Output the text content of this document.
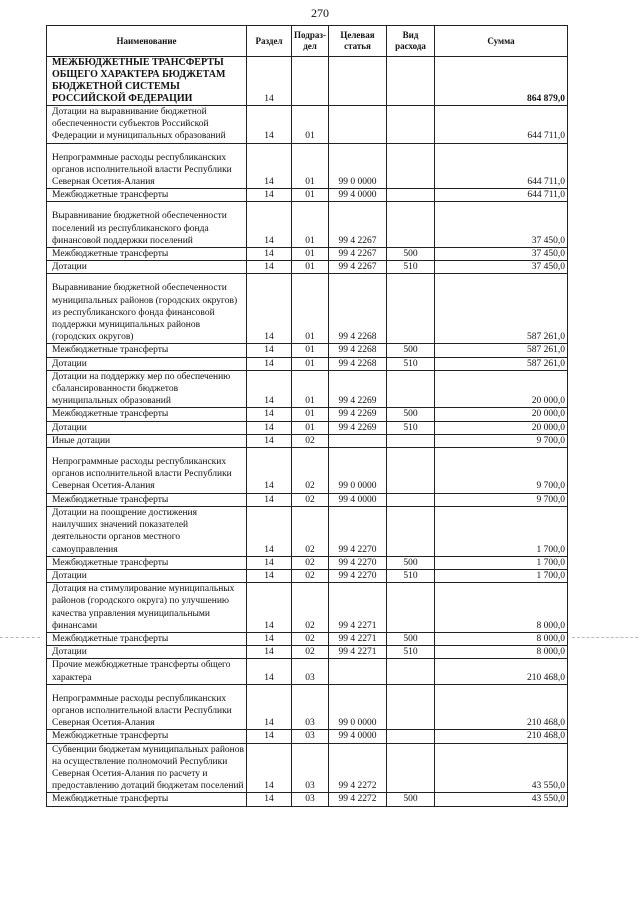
270
Наименование	Раздел	Подраз-дел	Целевая статья	Вид расхода	Сумма
МЕЖБЮДЖЕТНЫЕ ТРАНСФЕРТЫ ОБЩЕГО ХАРАКТЕРА БЮДЖЕТАМ БЮДЖЕТНОЙ СИСТЕМЫ РОССИЙСКОЙ ФЕДЕРАЦИИ	14				864 879,0
Дотации на выравнивание бюджетной обеспеченности субъектов Российской Федерации и муниципальных образований	14	01			644 711,0
Непрограммные расходы республиканских органов исполнительной власти Республики Северная Осетия-Алания	14	01	99 0 0000		644 711,0
Межбюджетные трансферты	14	01	99 4 0000		644 711,0
Выравнивание бюджетной обеспеченности поселений из республиканского фонда финансовой поддержки поселений	14	01	99 4 2267		37 450,0
Межбюджетные трансферты	14	01	99 4 2267	500	37 450,0
Дотации	14	01	99 4 2267	510	37 450,0
Выравнивание бюджетной обеспеченности муниципальных районов (городских округов) из республиканского фонда финансовой поддержки муниципальных районов (городских округов)	14	01	99 4 2268		587 261,0
Межбюджетные трансферты	14	01	99 4 2268	500	587 261,0
Дотации	14	01	99 4 2268	510	587 261,0
Дотации на поддержку мер по обеспечению сбалансированности бюджетов муниципальных образований	14	01	99 4 2269		20 000,0
Межбюджетные трансферты	14	01	99 4 2269	500	20 000,0
Дотации	14	01	99 4 2269	510	20 000,0
Иные дотации	14	02			9 700,0
Непрограммные расходы республиканских органов исполнительной власти Республики Северная Осетия-Алания	14	02	99 0 0000		9 700,0
Межбюджетные трансферты	14	02	99 4 0000		9 700,0
Дотации на поощрение достижения наилучших значений показателей деятельности органов местного самоуправления	14	02	99 4 2270		1 700,0
Межбюджетные трансферты	14	02	99 4 2270	500	1 700,0
Дотации	14	02	99 4 2270	510	1 700,0
Дотация на стимулирование муниципальных районов (городского округа) по улучшению качества управления муниципальными финансами	14	02	99 4 2271		8 000,0
Межбюджетные трансферты	14	02	99 4 2271	500	8 000,0
Дотации	14	02	99 4 2271	510	8 000,0
Прочие межбюджетные трансферты общего характера	14	03			210 468,0
Непрограммные расходы республиканских органов исполнительной власти Республики Северная Осетия-Алания	14	03	99 0 0000		210 468,0
Межбюджетные трансферты	14	03	99 4 0000		210 468,0
Субвенции бюджетам муниципальных районов на осуществление полномочий Республики Северная Осетия-Алания по расчету и предоставлению дотаций бюджетам поселений	14	03	99 4 2272		43 550,0
Межбюджетные трансферты	14	03	99 4 2272	500	43 550,0
